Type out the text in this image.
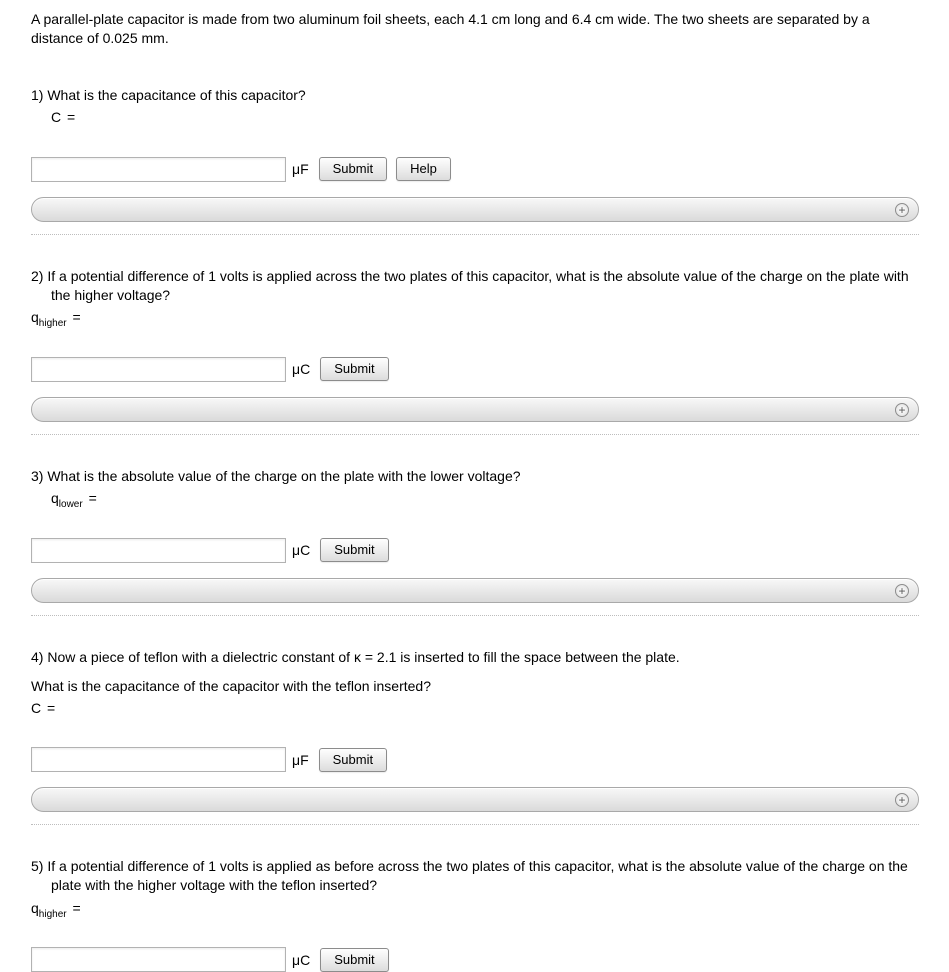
A parallel-plate capacitor is made from two aluminum foil sheets, each 4.1 cm long and 6.4 cm wide. The two sheets are separated by a distance of 0.025 mm.

1) What is the capacitance of this capacitor?

C =

μF	Submit	Help
+

2) If a potential difference of 1 volts is applied across the two plates of this capacitor, what is the absolute value of the charge on the plate with the higher voltage?

$q_{higher}$ =

μC	Submit
+

3) What is the absolute value of the charge on the plate with the lower voltage?

$q_{lower}$ =

μC	Submit
+

4) Now a piece of teflon with a dielectric constant of κ = 2.1 is inserted to fill the space between the plate.

What is the capacitance of the capacitor with the teflon inserted?

C =

μF	Submit
+

5) If a potential difference of 1 volts is applied as before across the two plates of this capacitor, what is the absolute value of the charge on the plate with the higher voltage with the teflon inserted?

$q_{higher}$ =

μC	Submit
